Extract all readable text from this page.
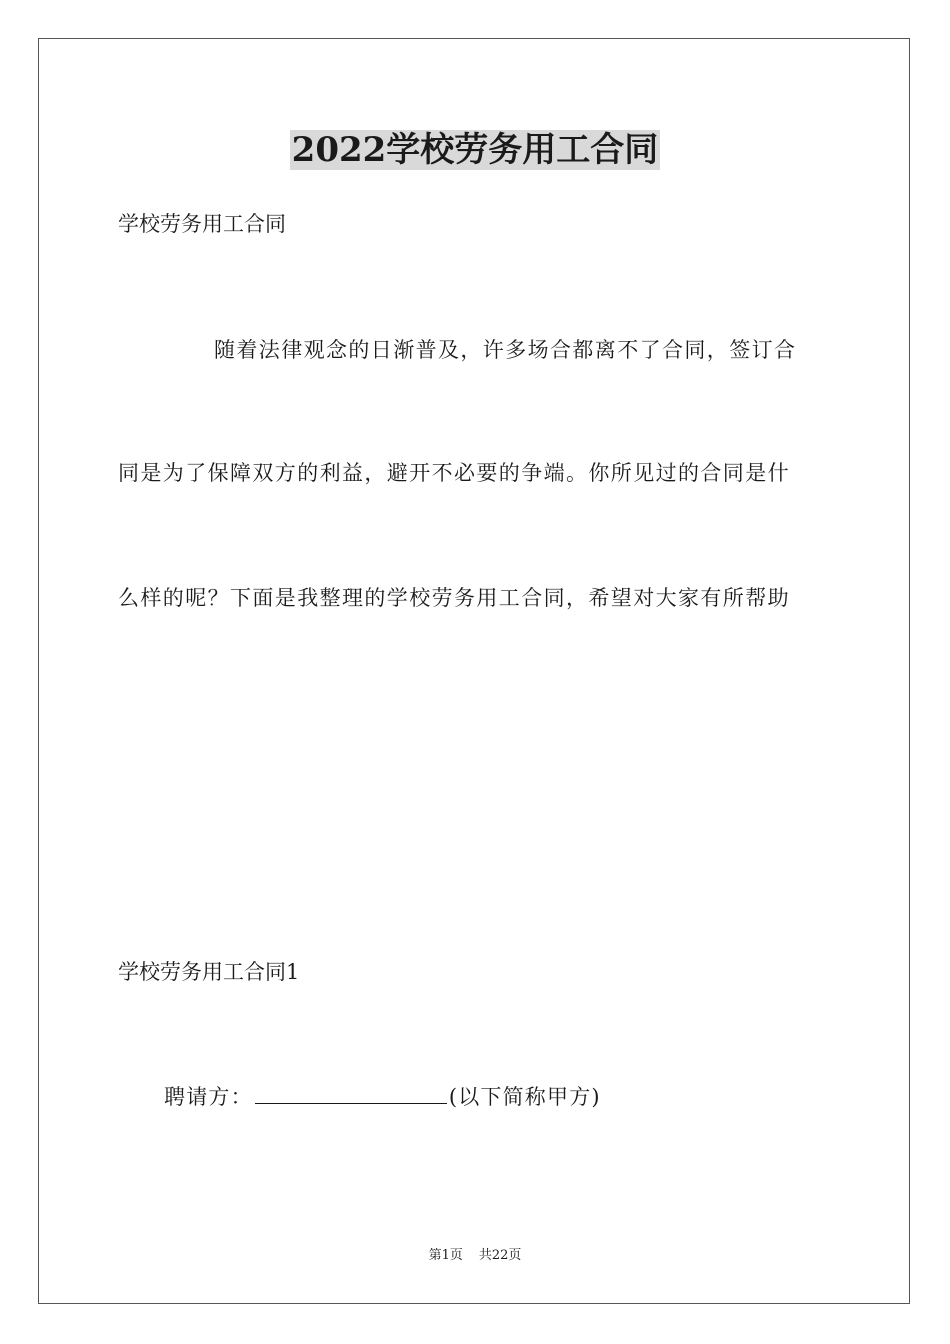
2022学校劳务用工合同

学校劳务用工合同

随着法律观念的日渐普及，许多场合都离不了合同，签订合

同是为了保障双方的利益，避开不必要的争端。你所见过的合同是什

么样的呢？下面是我整理的学校劳务用工合同，希望对大家有所帮助

学校劳务用工合同1

聘请方：	(以下简称甲方)

第1页 共22页
